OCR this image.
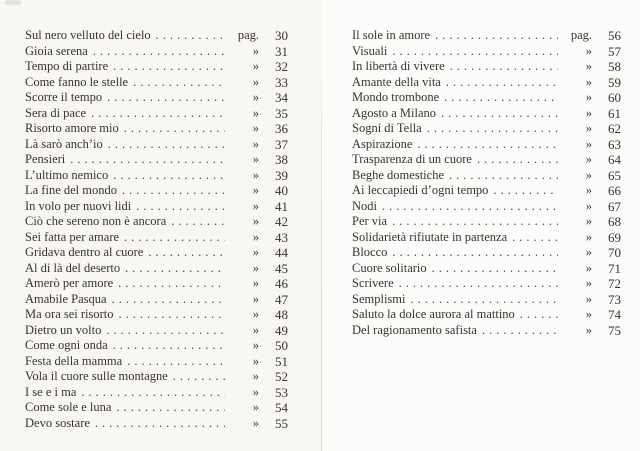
Sul nero velluto del cielo .....	pag.	30
Gioia serena .....	»	31
Tempo di partire .....	»	32
Come fanno le stelle .....	»	33
Scorre il tempo .....	»	34
Sera di pace .....	»	35
Risorto amore mio .....	»	36
Là sarò anch’io .....	»	37
Pensieri .....	»	38
L’ultimo nemico .....	»	39
La fine del mondo .....	»	40
In volo per nuovi lidi .....	»	41
Ciò che sereno non è ancora .....	»	42
Sei fatta per amare .....	»	43
Gridava dentro al cuore .....	»	44
Al di là del deserto .....	»	45
Amerò per amore .....	»	46
Amabile Pasqua .....	»	47
Ma ora sei risorto .....	»	48
Dietro un volto .....	»	49
Come ogni onda .....	»	50
Festa della mamma .....	»	51
Vola il cuore sulle montagne .....	»	52
I se e i ma .....	»	53
Come sole e luna .....	»	54
Devo sostare .....	»	55
Il sole in amore .....	pag.	56
Visuali .....	»	57
In libertà di vivere .....	»	58
Amante della vita .....	»	59
Mondo trombone .....	»	60
Agosto a Milano .....	»	61
Sogni di Tella .....	»	62
Aspirazione .....	»	63
Trasparenza di un cuore .....	»	64
Beghe domestiche .....	»	65
Ai leccapiedi d’ogni tempo .....	»	66
Nodi .....	»	67
Per via .....	»	68
Solidarietà rifiutate in partenza .....	»	69
Blocco .....	»	70
Cuore solitario .....	»	71
Scrivere .....	»	72
Semplismi .....	»	73
Saluto la dolce aurora al mattino .....	»	74
Del ragionamento safista .....	»	75
